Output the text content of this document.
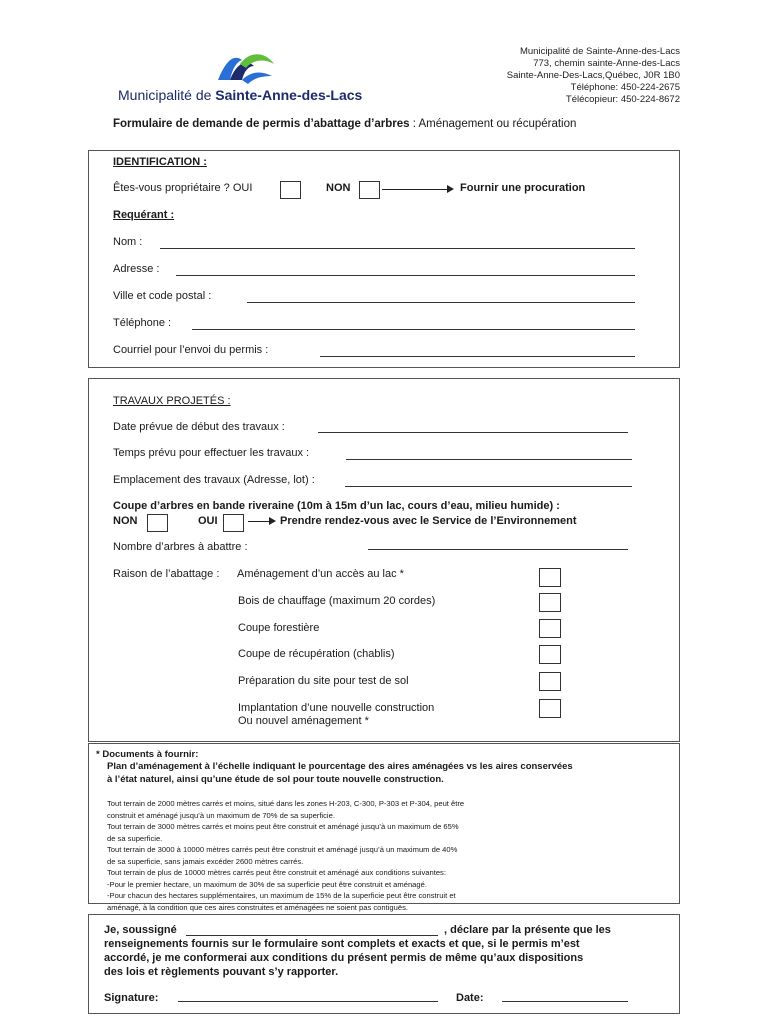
Municipalité de Sainte-Anne-des-Lacs
Municipalité de Sainte-Anne-des-Lacs
773, chemin sainte-Anne-des-Lacs
Sainte-Anne-Des-Lacs,Québec, J0R 1B0
Téléphone: 450-224-2675
Télécopieur: 450-224-8672
Formulaire de demande de permis d’abattage d’arbres : Aménagement ou récupération
IDENTIFICATION :
Êtes-vous propriétaire ? OUI	NON	Fournir une procuration
Requérant :
Nom :
Adresse :
Ville et code postal :
Téléphone :
Courriel pour l’envoi du permis :
TRAVAUX PROJETÉS :
Date prévue de début des travaux :
Temps prévu pour effectuer les travaux :
Emplacement des travaux (Adresse, lot) :
Coupe d’arbres en bande riveraine (10m à 15m d’un lac, cours d’eau, milieu humide) :
NON	OUI	Prendre rendez-vous avec le Service de l’Environnement
Nombre d’arbres à abattre :
Raison de l’abattage : Aménagement d’un accès au lac *
Bois de chauffage (maximum 20 cordes)
Coupe forestière
Coupe de récupération (chablis)
Préparation du site pour test de sol
Implantation d’une nouvelle construction
Ou nouvel aménagement *
* Documents à fournir:
Plan d’aménagement à l’échelle indiquant le pourcentage des aires aménagées vs les aires conservées
à l’état naturel, ainsi qu’une étude de sol pour toute nouvelle construction.
Tout terrain de 2000 mètres carrés et moins, situé dans les zones H-203, C-300, P-303 et P-304, peut être
construit et aménagé jusqu’à un maximum de 70% de sa superficie.
Tout terrain de 3000 mètres carrés et moins peut être construit et aménagé jusqu’à un maximum de 65%
de sa superficie.
Tout terrain de 3000 à 10000 mètres carrés peut être construit et aménagé jusqu’à un maximum de 40%
de sa superficie, sans jamais excéder 2600 mètres carrés.
Tout terrain de plus de 10000 mètres carrés peut être construit et aménagé aux conditions suivantes:
-Pour le premier hectare, un maximum de 30% de sa superficie peut être construit et aménagé.
-Pour chacun des hectares supplémentaires, un maximum de 15% de la superficie peut être construit et
aménagé, à la condition que ces aires construites et aménagées ne soient pas contiguës.
Je, soussigné	, déclare par la présente que les
renseignements fournis sur le formulaire sont complets et exacts et que, si le permis m’est
accordé, je me conformerai aux conditions du présent permis de même qu’aux dispositions
des lois et règlements pouvant s’y rapporter.
Signature:	Date:
